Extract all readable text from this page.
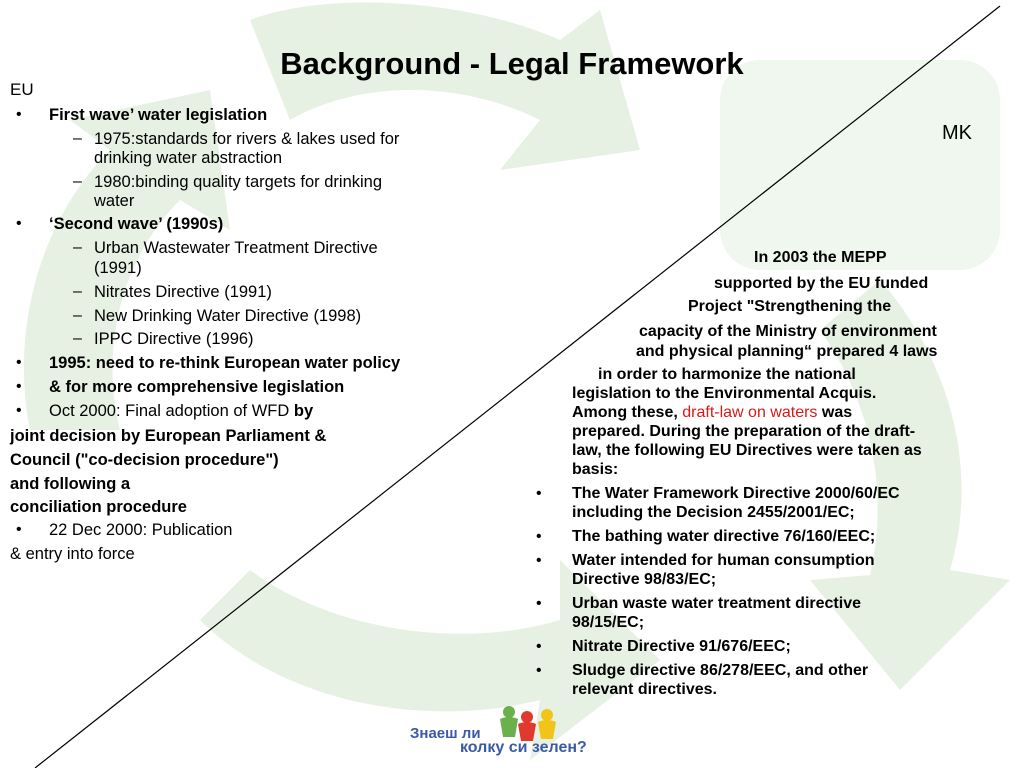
Background - Legal Framework
EU
MK
• First wave’ water legislation
– 1975:standards for rivers & lakes used for
drinking water abstraction
– 1980:binding quality targets for drinking
water
• ‘Second wave’ (1990s)
– Urban Wastewater Treatment Directive
(1991)
– Nitrates Directive (1991)
– New Drinking Water Directive (1998)
– IPPC Directive (1996)
• 1995: need to re-think European water policy
• & for more comprehensive legislation
• Oct 2000: Final adoption of WFD by
joint decision by European Parliament &
Council ("co-decision procedure")
and following a
conciliation procedure
• 22 Dec 2000: Publication
& entry into force
In 2003 the MEPP
supported by the EU funded
Project "Strengthening the
capacity of the Ministry of environment
and physical planning“ prepared 4 laws
in order to harmonize the national
legislation to the Environmental Acquis.
Among these, draft-law on waters was
prepared. During the preparation of the draft-
law, the following EU Directives were taken as
basis:
• The Water Framework Directive 2000/60/EC
including the Decision 2455/2001/EC;
• The bathing water directive 76/160/EEC;
• Water intended for human consumption
Directive 98/83/EC;
• Urban waste water treatment directive
98/15/EC;
• Nitrate Directive 91/676/EEC;
• Sludge directive 86/278/EEC, and other
relevant directives.
Знаеш ли
колку си зелен?
